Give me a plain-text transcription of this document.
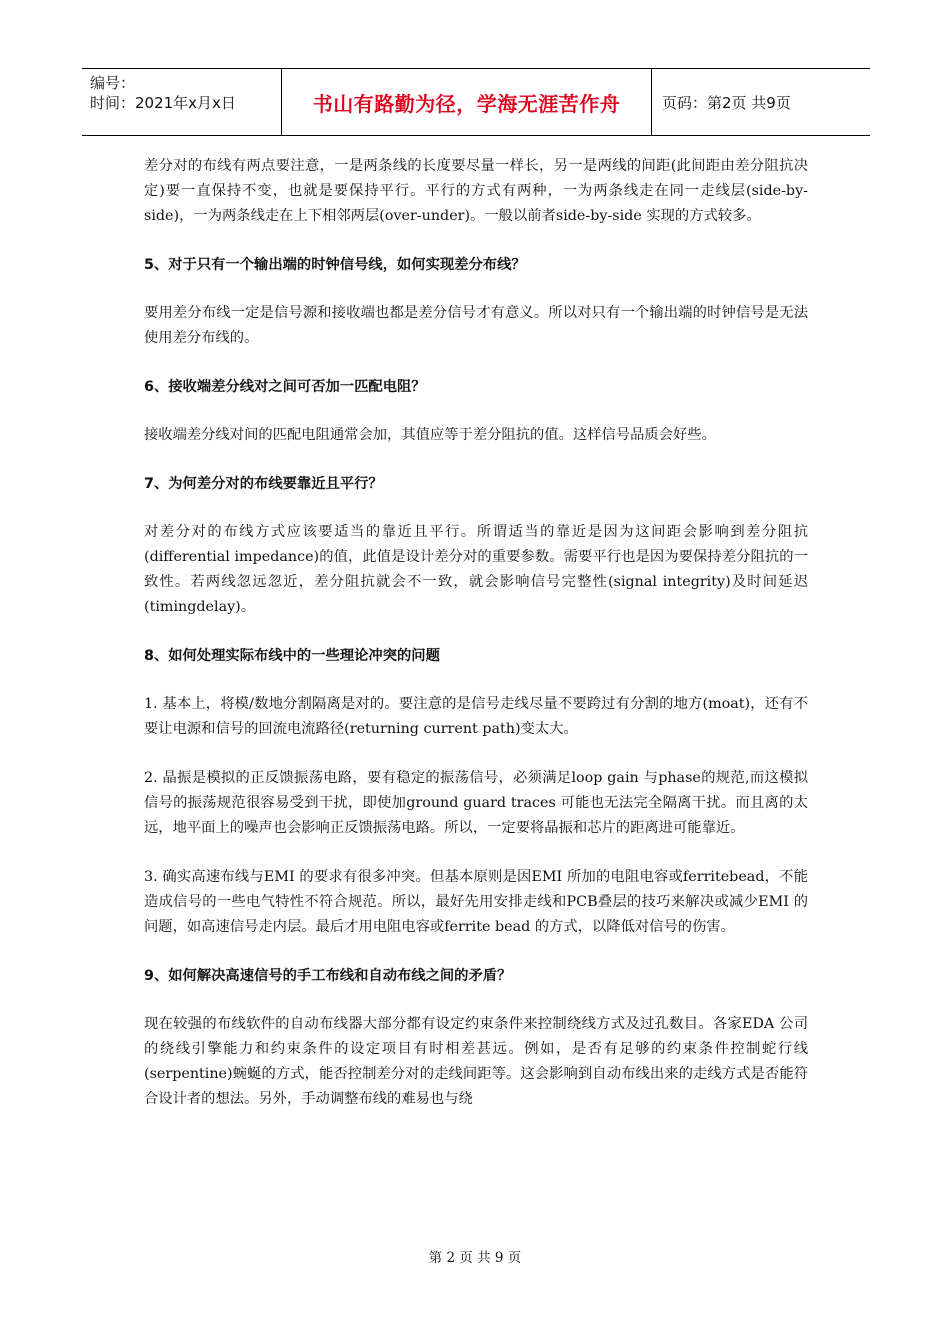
编号：
时间：2021年x月x日	书山有路勤为径，学海无涯苦作舟	页码：第2页 共9页

差分对的布线有两点要注意，一是两条线的长度要尽量一样长，另一是两线的间距(此间距由差分阻抗决定)要一直保持不变，也就是要保持平行。平行的方式有两种，一为两条线走在同一走线层(side-by-side)，一为两条线走在上下相邻两层(over-under)。一般以前者side-by-side 实现的方式较多。

5、对于只有一个输出端的时钟信号线，如何实现差分布线？

要用差分布线一定是信号源和接收端也都是差分信号才有意义。所以对只有一个输出端的时钟信号是无法使用差分布线的。

6、接收端差分线对之间可否加一匹配电阻？

接收端差分线对间的匹配电阻通常会加，其值应等于差分阻抗的值。这样信号品质会好些。

7、为何差分对的布线要靠近且平行？

对差分对的布线方式应该要适当的靠近且平行。所谓适当的靠近是因为这间距会影响到差分阻抗(differential impedance)的值，此值是设计差分对的重要参数。需要平行也是因为要保持差分阻抗的一致性。若两线忽远忽近，差分阻抗就会不一致，就会影响信号完整性(signal integrity)及时间延迟(timingdelay)。

8、如何处理实际布线中的一些理论冲突的问题

1. 基本上，将模/数地分割隔离是对的。要注意的是信号走线尽量不要跨过有分割的地方(moat)，还有不要让电源和信号的回流电流路径(returning current path)变太大。

2. 晶振是模拟的正反馈振荡电路，要有稳定的振荡信号，必须满足loop gain 与phase的规范,而这模拟信号的振荡规范很容易受到干扰，即使加ground guard traces 可能也无法完全隔离干扰。而且离的太远，地平面上的噪声也会影响正反馈振荡电路。所以，一定要将晶振和芯片的距离进可能靠近。

3. 确实高速布线与EMI 的要求有很多冲突。但基本原则是因EMI 所加的电阻电容或ferritebead，不能造成信号的一些电气特性不符合规范。所以，最好先用安排走线和PCB叠层的技巧来解决或减少EMI 的问题，如高速信号走内层。最后才用电阻电容或ferrite bead 的方式，以降低对信号的伤害。

9、如何解决高速信号的手工布线和自动布线之间的矛盾？

现在较强的布线软件的自动布线器大部分都有设定约束条件来控制绕线方式及过孔数目。各家EDA 公司的绕线引擎能力和约束条件的设定项目有时相差甚远。例如，是否有足够的约束条件控制蛇行线(serpentine)蜿蜒的方式，能否控制差分对的走线间距等。这会影响到自动布线出来的走线方式是否能符合设计者的想法。另外，手动调整布线的难易也与绕

第 2 页 共 9 页
